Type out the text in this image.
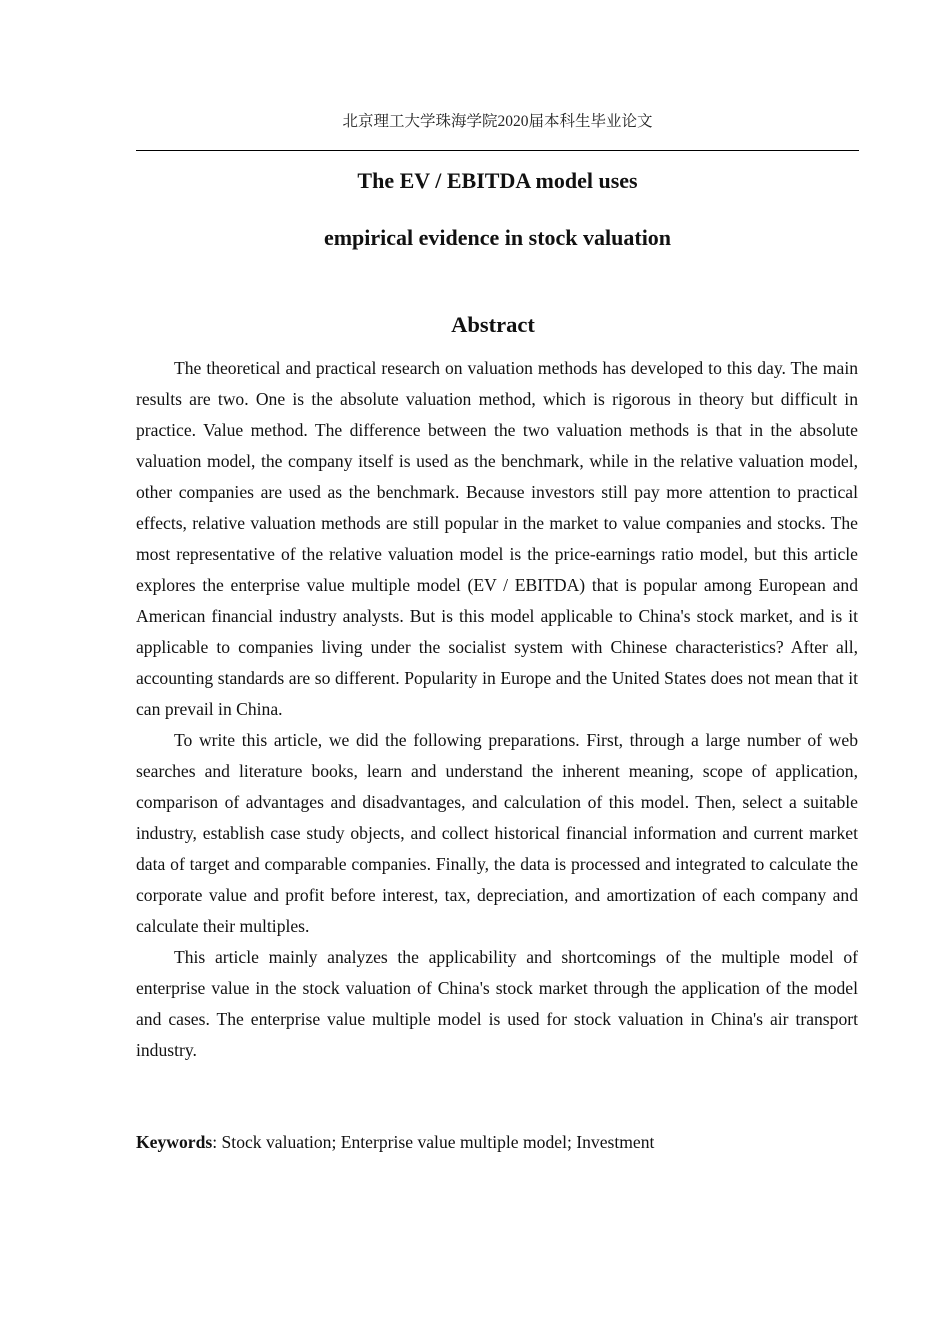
北京理工大学珠海学院2020届本科生毕业论文
The EV / EBITDA model uses
empirical evidence in stock valuation
Abstract

The theoretical and practical research on valuation methods has developed to this day. The main results are two. One is the absolute valuation method, which is rigorous in theory but difficult in practice. Value method. The difference between the two valuation methods is that in the absolute valuation model, the company itself is used as the benchmark, while in the relative valuation model, other companies are used as the benchmark. Because investors still pay more attention to practical effects, relative valuation methods are still popular in the market to value companies and stocks. The most representative of the relative valuation model is the price-earnings ratio model, but this article explores the enterprise value multiple model (EV / EBITDA) that is popular among European and American financial industry analysts. But is this model applicable to China's stock market, and is it applicable to companies living under the socialist system with Chinese characteristics? After all, accounting standards are so different. Popularity in Europe and the United States does not mean that it can prevail in China.

To write this article, we did the following preparations. First, through a large number of web searches and literature books, learn and understand the inherent meaning, scope of application, comparison of advantages and disadvantages, and calculation of this model. Then, select a suitable industry, establish case study objects, and collect historical financial information and current market data of target and comparable companies. Finally, the data is processed and integrated to calculate the corporate value and profit before interest, tax, depreciation, and amortization of each company and calculate their multiples.

This article mainly analyzes the applicability and shortcomings of the multiple model of enterprise value in the stock valuation of China's stock market through the application of the model and cases. The enterprise value multiple model is used for stock valuation in China's air transport industry.

Keywords: Stock valuation; Enterprise value multiple model; Investment
